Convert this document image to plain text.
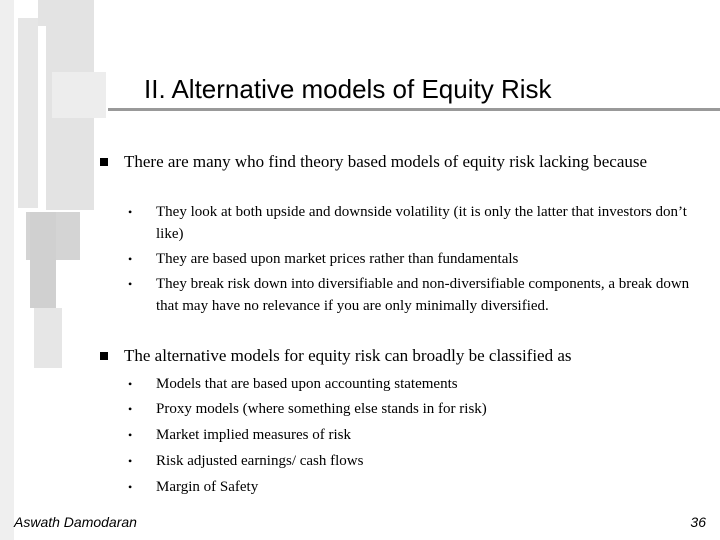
II. Alternative models of Equity Risk
There are many who find theory based models of equity risk lacking because
• They look at both upside and downside volatility (it is only the latter that investors don’t like)
• They are based upon market prices rather than fundamentals
• They break risk down into diversifiable and non-diversifiable components, a break down that may have no relevance if you are only minimally diversified.
The alternative models for equity risk can broadly be classified as
• Models that are based upon accounting statements
• Proxy models (where something else stands in for risk)
• Market implied measures of risk
• Risk adjusted earnings/ cash flows
• Margin of Safety
Aswath Damodaran	36
